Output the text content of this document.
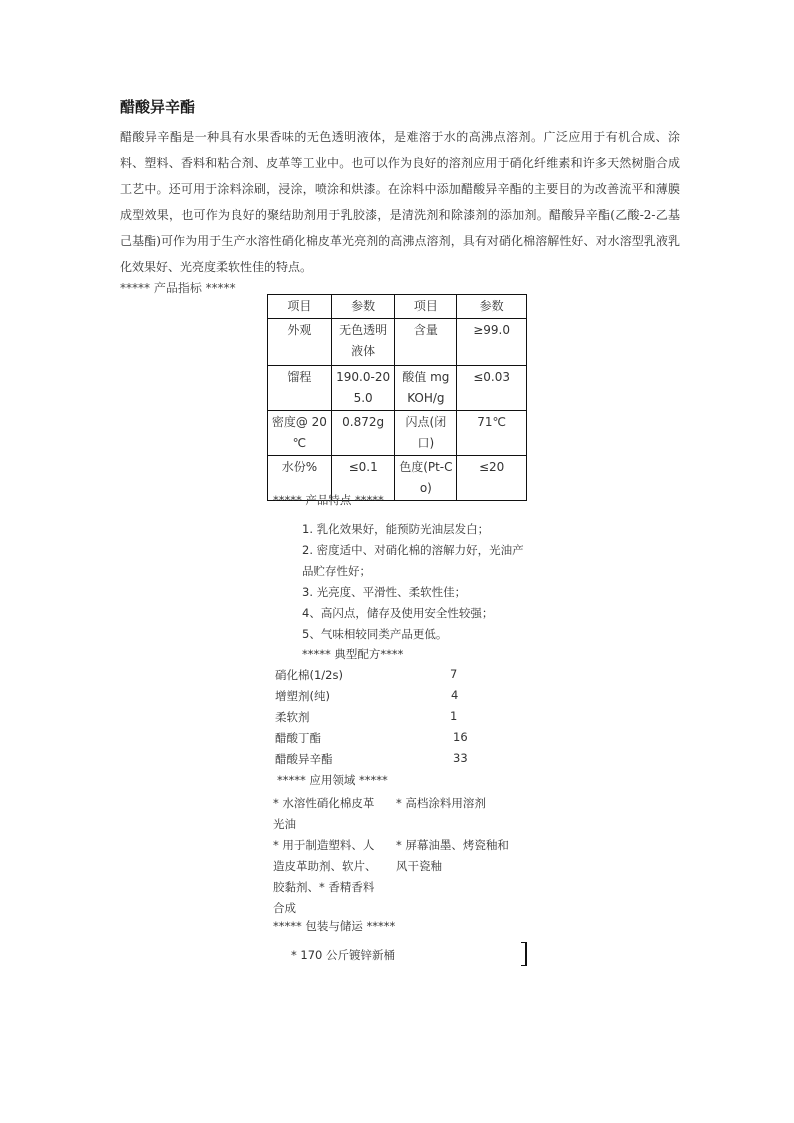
醋酸异辛酯
醋酸异辛酯是一种具有水果香味的无色透明液体，是难溶于水的高沸点溶剂。广泛应用于有机合成、涂料、塑料、香料和粘合剂、皮革等工业中。也可以作为良好的溶剂应用于硝化纤维素和许多天然树脂合成工艺中。还可用于涂料涂刷，浸涂，喷涂和烘漆。在涂料中添加醋酸异辛酯的主要目的为改善流平和薄膜成型效果，也可作为良好的聚结助剂用于乳胶漆，是清洗剂和除漆剂的添加剂。醋酸异辛酯(乙酸-2-乙基己基酯)可作为用于生产水溶性硝化棉皮革光亮剂的高沸点溶剂，具有对硝化棉溶解性好、对水溶型乳液乳化效果好、光亮度柔软性佳的特点。
***** 产品指标 *****
项目	参数	项目	参数
外观	无色透明液体	含量	≥99.0
馏程	190.0-205.0	酸值 mgKOH/g	≤0.03
密度@ 20 ℃	0.872g	闪点(闭口)	71℃
水份%	≤0.1	色度(Pt-Co)	≤20
***** 产品特点 *****
1. 乳化效果好，能预防光油层发白；
2. 密度适中、对硝化棉的溶解力好，光油产品贮存性好；
3. 光亮度、平滑性、柔软性佳；
4、高闪点，储存及使用安全性较强；
5、气味相较同类产品更低。
***** 典型配方****
硝化棉(1/2s)	7
增塑剂(纯)	4
柔软剂	1
醋酸丁酯	16
醋酸异辛酯	33
***** 应用领域 *****
* 水溶性硝化棉皮革光油
* 高档涂料用溶剂
* 用于制造塑料、人造皮革助剂、软片、胶黏剂、* 香精香料合成
* 屏幕油墨、烤瓷釉和风干瓷釉
***** 包装与储运 *****
* 170 公斤镀锌新桶
